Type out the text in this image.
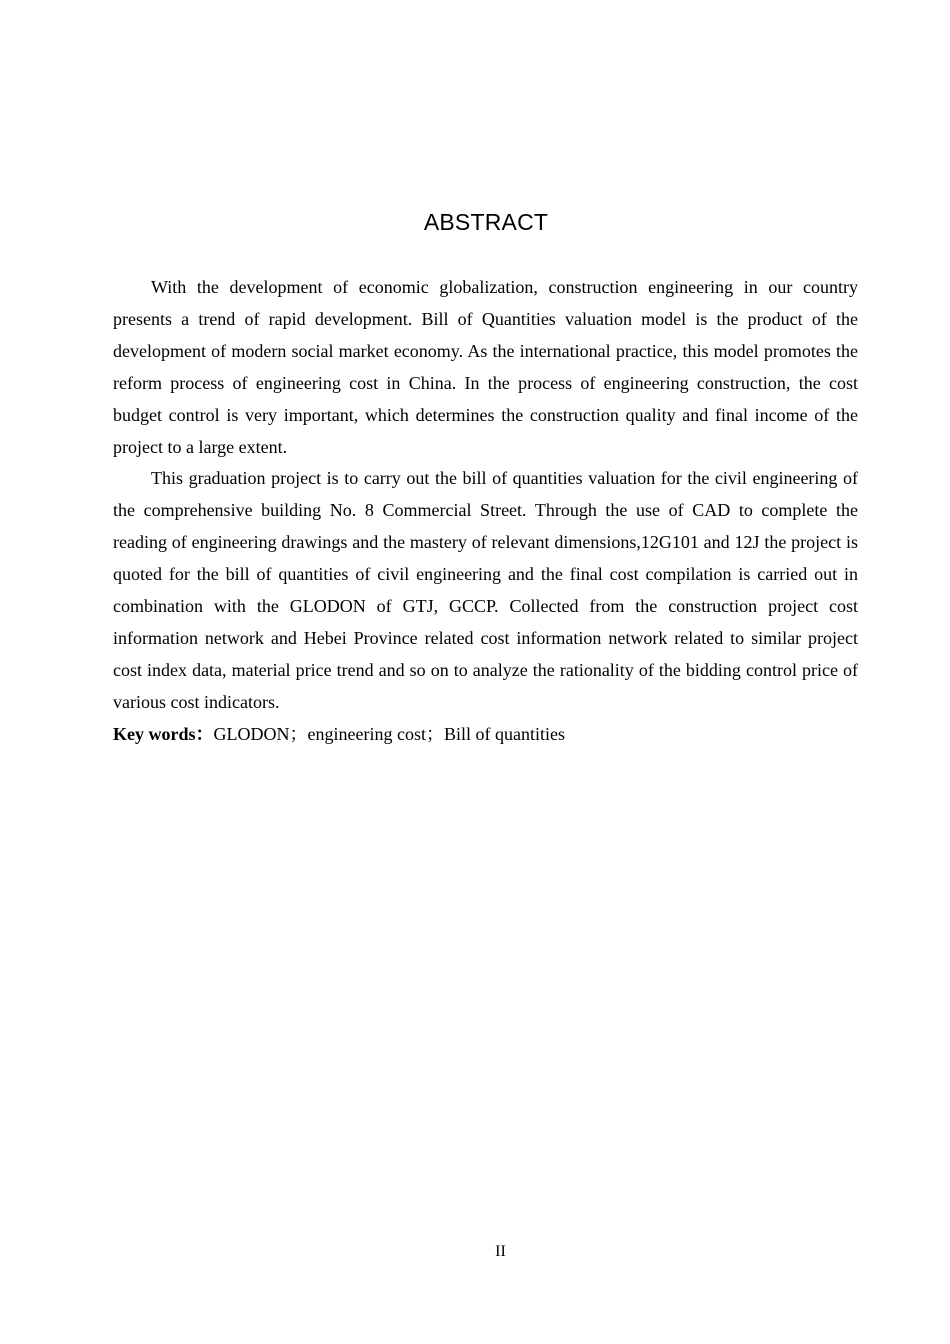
ABSTRACT

With the development of economic globalization, construction engineering in our country presents a trend of rapid development. Bill of Quantities valuation model is the product of the development of modern social market economy. As the international practice, this model promotes the reform process of engineering cost in China. In the process of engineering construction, the cost budget control is very important, which determines the construction quality and final income of the project to a large extent.

This graduation project is to carry out the bill of quantities valuation for the civil engineering of the comprehensive building No. 8 Commercial Street. Through the use of CAD to complete the reading of engineering drawings and the mastery of relevant dimensions,12G101 and 12J the project is quoted for the bill of quantities of civil engineering and the final cost compilation is carried out in combination with the GLODON of GTJ, GCCP. Collected from the construction project cost information network and Hebei Province related cost information network related to similar project cost index data, material price trend and so on to analyze the rationality of the bidding control price of various cost indicators.

Key words：GLODON；engineering cost；Bill of quantities

II
